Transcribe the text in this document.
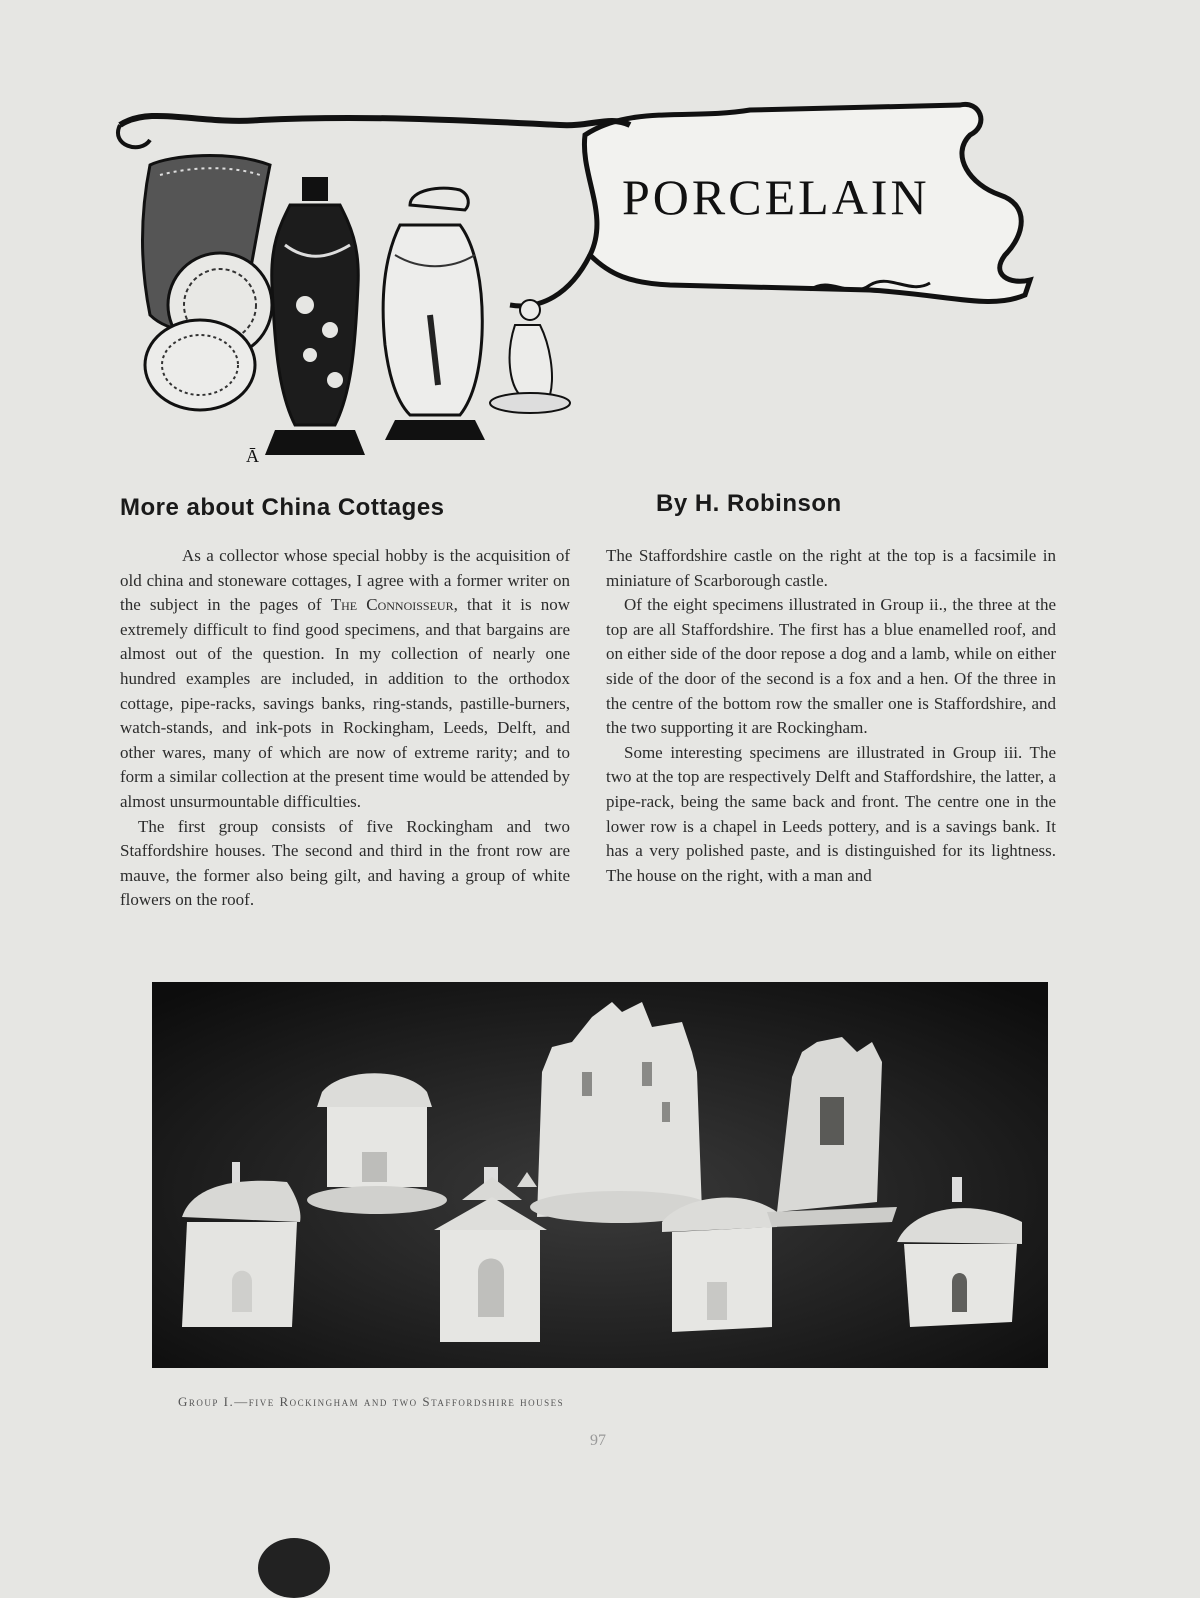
PORCELAIN
Ā
More about China Cottages	By H. Robinson

As a collector whose special hobby is the acquisition of old china and stoneware cottages, I agree with a former writer on the subject in the pages of The Connoisseur, that it is now extremely difficult to find good specimens, and that bargains are almost out of the question. In my collection of nearly one hundred examples are included, in addition to the orthodox cottage, pipe-racks, savings banks, ring-stands, pastille-burners, watch-stands, and ink-pots in Rockingham, Leeds, Delft, and other wares, many of which are now of extreme rarity; and to form a similar collection at the present time would be attended by almost unsurmountable difficulties.

The first group consists of five Rockingham and two Staffordshire houses. The second and third in the front row are mauve, the former also being gilt, and having a group of white flowers on the roof.

The Staffordshire castle on the right at the top is a facsimile in miniature of Scarborough castle.

Of the eight specimens illustrated in Group ii., the three at the top are all Staffordshire. The first has a blue enamelled roof, and on either side of the door repose a dog and a lamb, while on either side of the door of the second is a fox and a hen. Of the three in the centre of the bottom row the smaller one is Staffordshire, and the two supporting it are Rockingham.

Some interesting specimens are illustrated in Group iii. The two at the top are respectively Delft and Staffordshire, the latter, a pipe-rack, being the same back and front. The centre one in the lower row is a chapel in Leeds pottery, and is a savings bank. It has a very polished paste, and is distinguished for its lightness. The house on the right, with a man and

Group I.—five Rockingham and two Staffordshire houses
97
